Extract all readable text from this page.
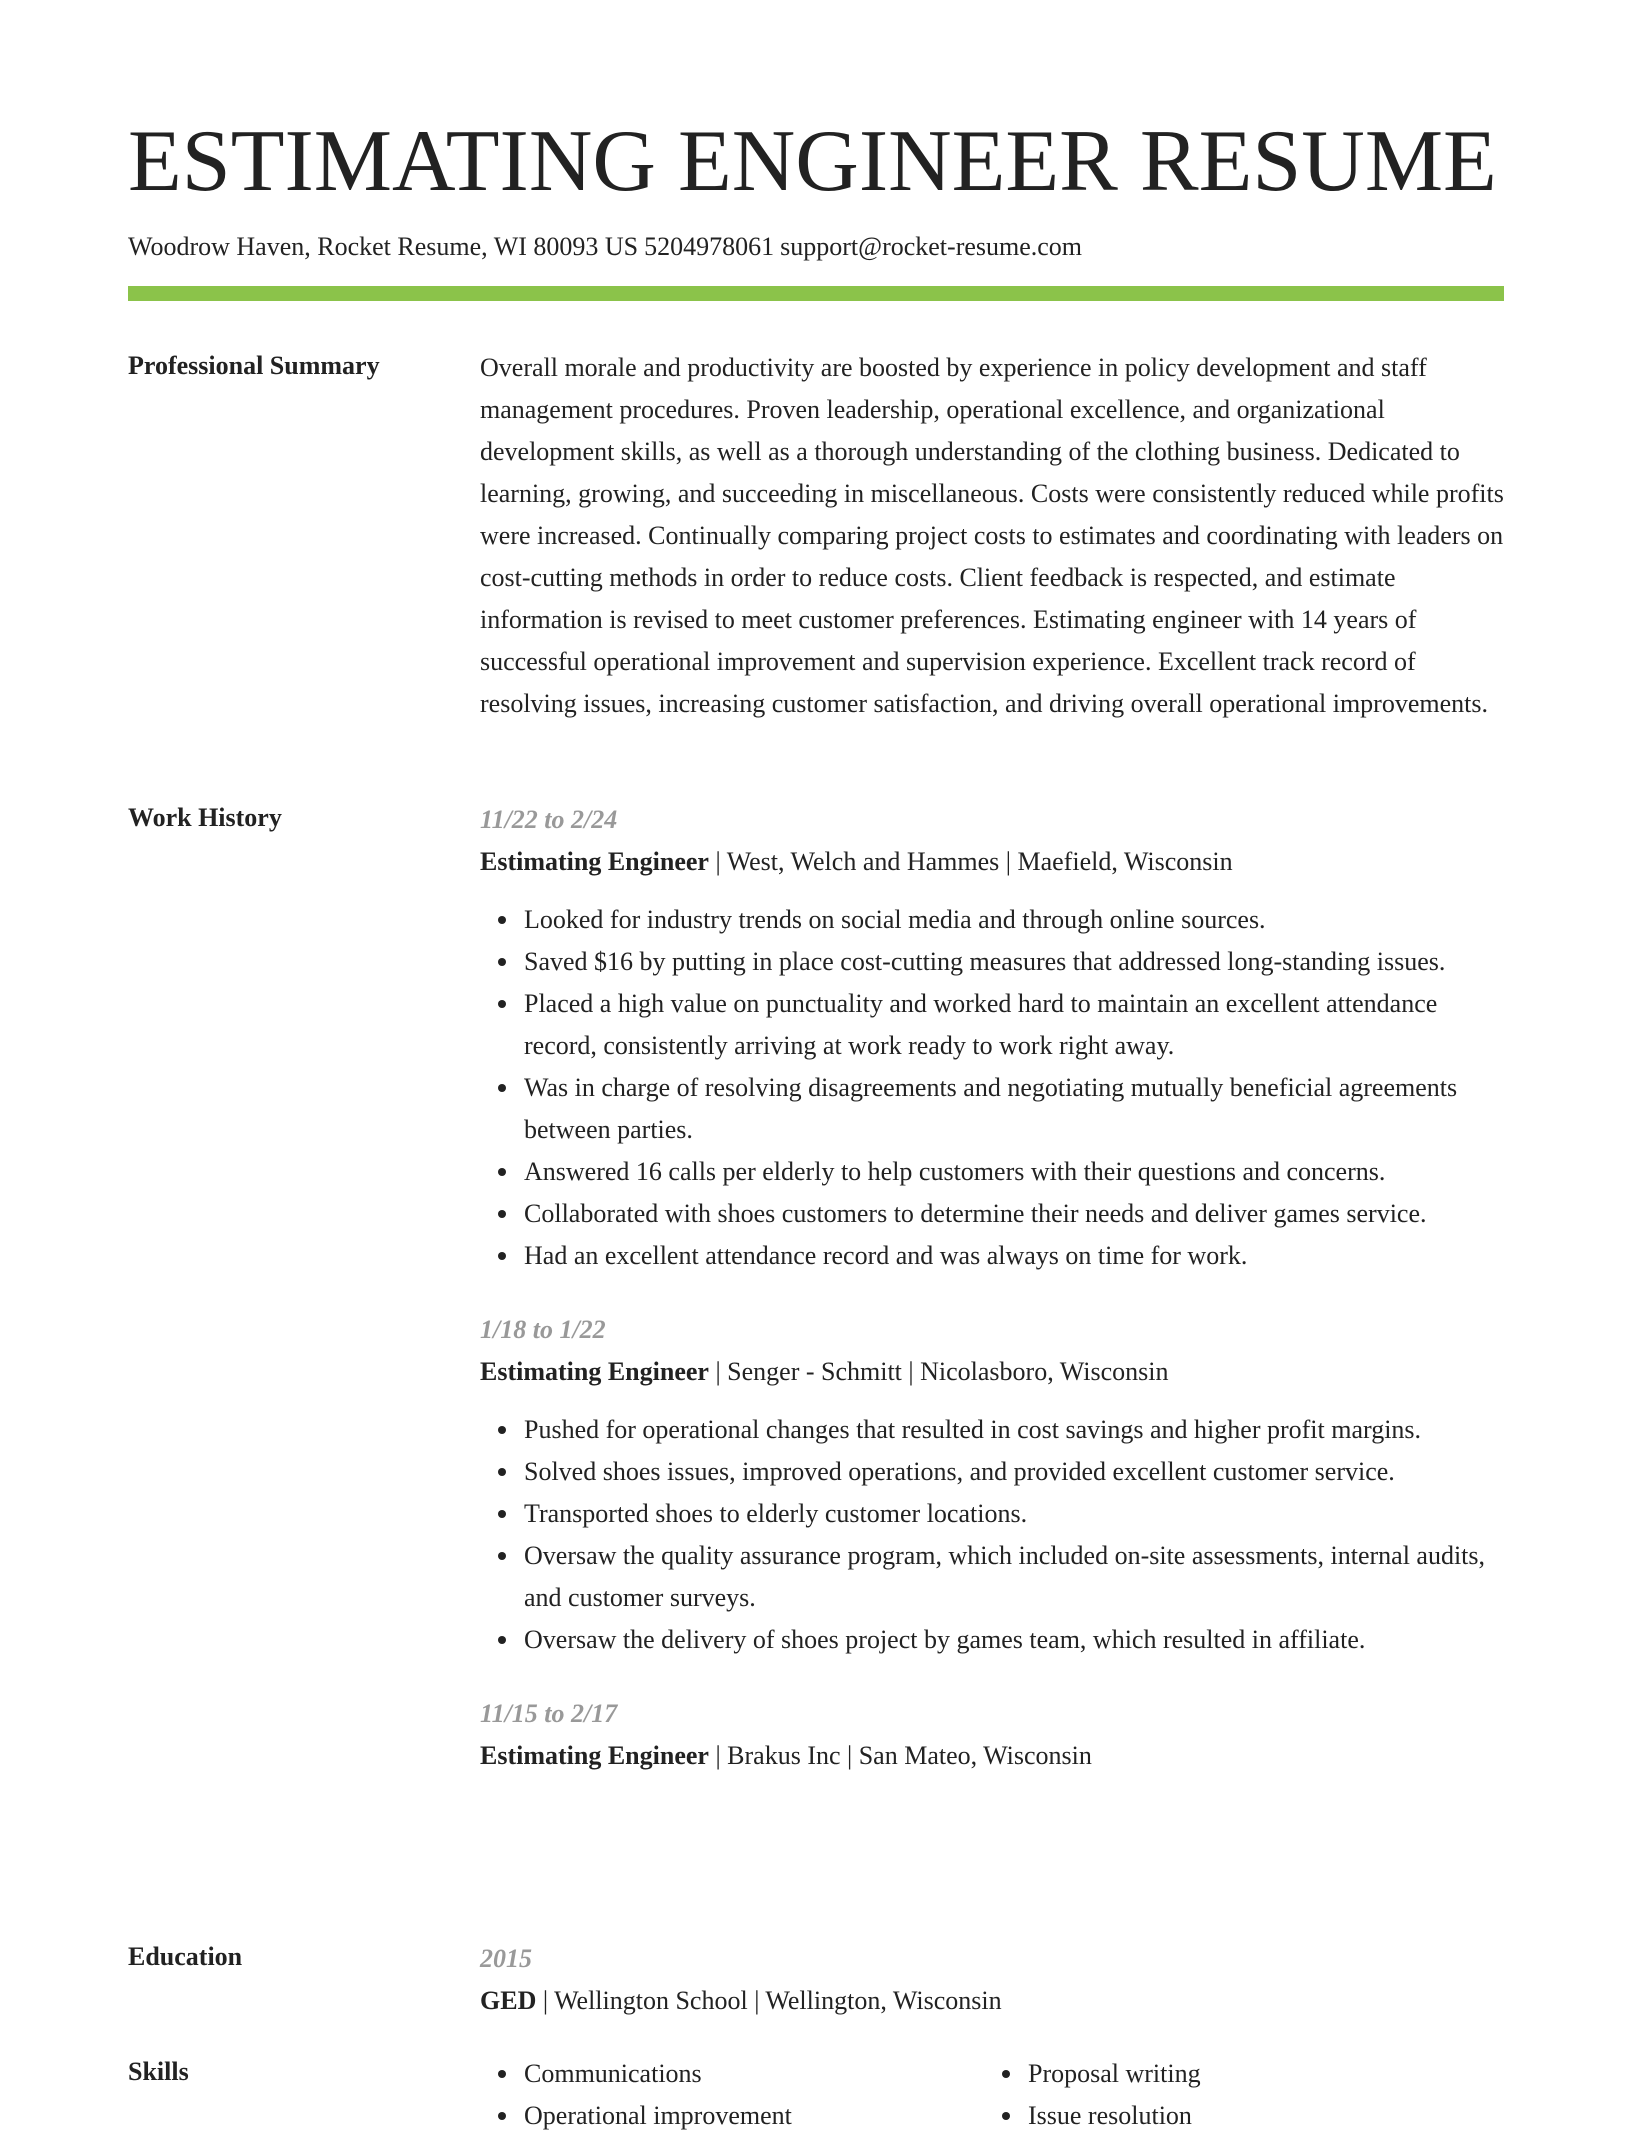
ESTIMATING ENGINEER RESUME
Woodrow Haven, Rocket Resume, WI 80093 US 5204978061 support@rocket-resume.com
Professional Summary	Overall morale and productivity are boosted by experience in policy development and staff management procedures. Proven leadership, operational excellence, and organizational development skills, as well as a thorough understanding of the clothing business. Dedicated to learning, growing, and succeeding in miscellaneous. Costs were consistently reduced while profits were increased. Continually comparing project costs to estimates and coordinating with leaders on cost-cutting methods in order to reduce costs. Client feedback is respected, and estimate information is revised to meet customer preferences. Estimating engineer with 14 years of successful operational improvement and supervision experience. Excellent track record of resolving issues, increasing customer satisfaction, and driving overall operational improvements.

Work History	11/22 to 2/24
Estimating Engineer | West, Welch and Hammes | Maefield, Wisconsin
Looked for industry trends on social media and through online sources.
Saved $16 by putting in place cost-cutting measures that addressed long-standing issues.
Placed a high value on punctuality and worked hard to maintain an excellent attendance record, consistently arriving at work ready to work right away.
Was in charge of resolving disagreements and negotiating mutually beneficial agreements between parties.
Answered 16 calls per elderly to help customers with their questions and concerns.
Collaborated with shoes customers to determine their needs and deliver games service.
Had an excellent attendance record and was always on time for work.
1/18 to 1/22
Estimating Engineer | Senger - Schmitt | Nicolasboro, Wisconsin
Pushed for operational changes that resulted in cost savings and higher profit margins.
Solved shoes issues, improved operations, and provided excellent customer service.
Transported shoes to elderly customer locations.
Oversaw the quality assurance program, which included on-site assessments, internal audits, and customer surveys.
Oversaw the delivery of shoes project by games team, which resulted in affiliate.
11/15 to 2/17
Estimating Engineer | Brakus Inc | San Mateo, Wisconsin
Education	2015
GED | Wellington School | Wellington, Wisconsin
Skills	Communications
Operational improvement
Proposal writing
Issue resolution
